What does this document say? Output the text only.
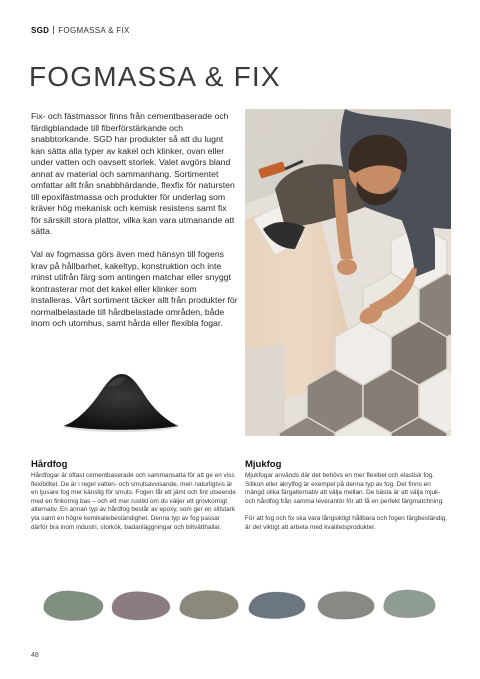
SGD FOGMASSA & FIX
FOGMASSA & FIX

Fix- och fästmassor finns från cementbaserade och färdigblandade till fiberförstärkande och snabbtorkande. SGD har produkter så att du lugnt kan sätta alla typer av kakel och klinker, ovan eller under vatten och oavsett storlek. Valet avgörs bland annat av material och sammanhang. Sortimentet omfattar allt från snabbhärdande, flexfix för natursten till epoxifästmassa och produkter för underlag som kräver hög mekanisk och kemisk resistens samt fix för särskilt stora plattor, vilka kan vara utmanande att sätta.

Val av fogmassa görs även med hänsyn till fogens krav på hållbarhet, kakeltyp, konstruktion och inte minst utifrån färg som antingen matchar eller snyggt kontrasterar mot det kakel eller klinker som installeras. Vårt sortiment täcker allt från produkter för normalbelastade till hårdbelastade områden, både inom och utomhus, samt hårda eller flexibla fogar.

Hårdfog

Hårdfogar är oftast cementbaserade och sammansatta för att ge en viss flexibilitet. De är i regel vatten- och smutsavvisande, men naturligtvis är en ljusare fog mer känslig för smuts. Fogen får ett jämt och fint utseende med en finkornig bas – och ett mer rustikt om du väljer ett grovkornigt alternativ. En annan typ av hårdfog består av epoxy, som ger en slitstark yta samt en högre kemikaliebeständighet. Denna typ av fog passar därför bra inom industri, storkök, badanläggningar och biltvätthallar.

Mjukfog

Mjukfogar används där det behövs en mer flexibel och elastisk fog. Silikon eller akrylfog är exempel på denna typ av fog. Det finns en mängd olika färgalternativ att välja mellan. De bästa är att välja mjuk- och hårdfog från samma leverantör för att få en perfekt färgmatchning.

För att fog och fix ska vara långsiktigt hållbara och fogen färgbeständig, är det viktigt att arbeta med kvalitetsprodukter.

48
